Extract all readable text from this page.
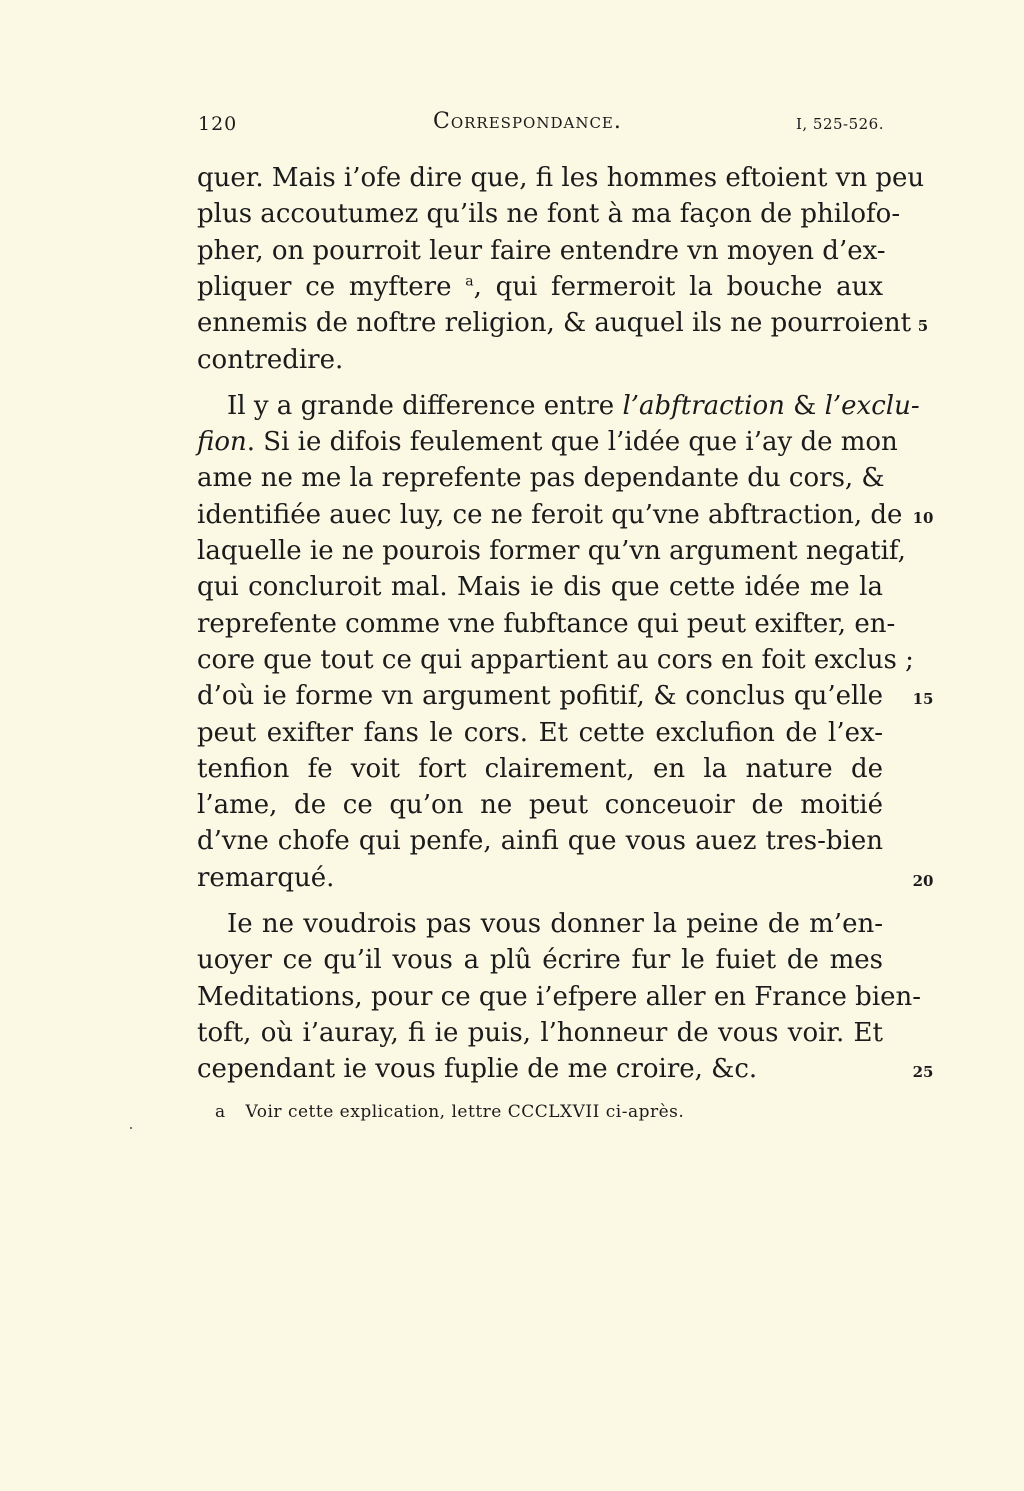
120	Correspondance.	I, 525-526.
quer. Mais i’ofe dire que, fi les hommes eftoient vn peu
plus accoutumez qu’ils ne font à ma façon de philofo-
pher, on pourroit leur faire entendre vn moyen d’ex-
pliquer ce myftere $^a$, qui fermeroit la bouche aux
ennemis de noftre religion, & auquel ils ne pourroient
contredire.
Il y a grande difference entre l’abftraction & l’exclu-
fion. Si ie difois feulement que l’idée que i’ay de mon
ame ne me la reprefente pas dependante du cors, &
identifiée auec luy, ce ne feroit qu’vne abftraction, de
laquelle ie ne pourois former qu’vn argument negatif,
qui concluroit mal. Mais ie dis que cette idée me la
reprefente comme vne fubftance qui peut exifter, en-
core que tout ce qui appartient au cors en foit exclus ;
d’où ie forme vn argument pofitif, & conclus qu’elle
peut exifter fans le cors. Et cette exclufion de l’ex-
tenfion fe voit fort clairement, en la nature de
l’ame, de ce qu’on ne peut conceuoir de moitié
d’vne chofe qui penfe, ainfi que vous auez tres-bien
remarqué.
Ie ne voudrois pas vous donner la peine de m’en-
uoyer ce qu’il vous a plû écrire fur le fuiet de mes
Meditations, pour ce que i’efpere aller en France bien-
toft, où i’auray, fi ie puis, l’honneur de vous voir. Et
cependant ie vous fuplie de me croire, &c.
5
10
15
20
25
a Voir cette explication, lettre CCCLXVII ci-après.
